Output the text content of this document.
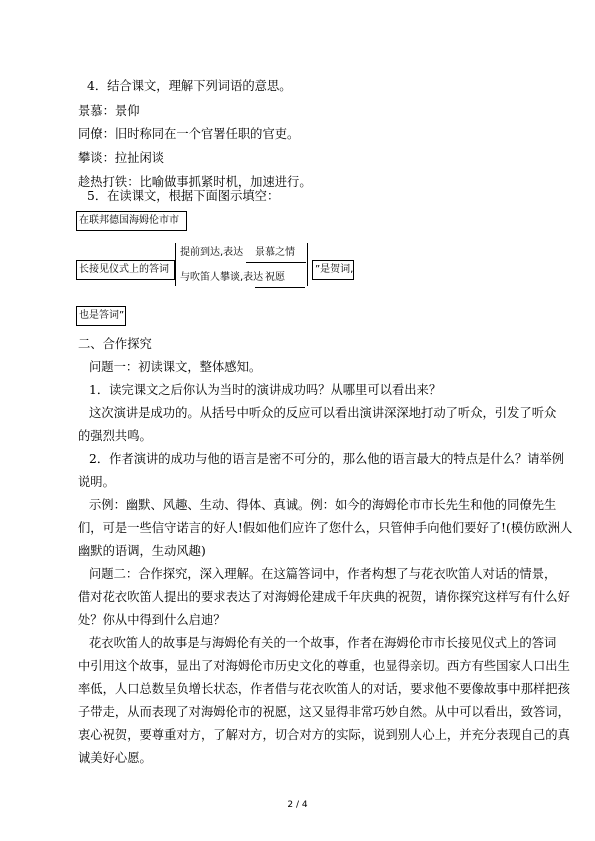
4．结合课文，理解下列词语的意思。
景慕：景仰
同僚：旧时称同在一个官署任职的官吏。
攀谈：拉扯闲谈
趁热打铁：比喻做事抓紧时机，加速进行。
5．在读课文，根据下面图示填空：
在联邦德国海姆伦市市
长接见仪式上的答词
提前到达,表达 景慕之情
与吹笛人攀谈,表达 祝愿
”是贺词,
也是答词”
二、合作探究
问题一：初读课文，整体感知。
1．读完课文之后你认为当时的演讲成功吗？从哪里可以看出来？
这次演讲是成功的。从括号中听众的反应可以看出演讲深深地打动了听众，引发了听众
的强烈共鸣。
2．作者演讲的成功与他的语言是密不可分的，那么他的语言最大的特点是什么？请举例
说明。
示例：幽默、风趣、生动、得体、真诚。例：如今的海姆伦市市长先生和他的同僚先生
们，可是一些信守诺言的好人!假如他们应许了您什么，只管伸手向他们要好了!(模仿欧洲人
幽默的语调，生动风趣)
问题二：合作探究，深入理解。在这篇答词中，作者构想了与花衣吹笛人对话的情景，
借对花衣吹笛人提出的要求表达了对海姆伦建成千年庆典的祝贺，请你探究这样写有什么好
处？你从中得到什么启迪？
花衣吹笛人的故事是与海姆伦有关的一个故事，作者在海姆伦市市长接见仪式上的答词
中引用这个故事，显出了对海姆伦市历史文化的尊重，也显得亲切。西方有些国家人口出生
率低，人口总数呈负增长状态，作者借与花衣吹笛人的对话，要求他不要像故事中那样把孩
子带走，从而表现了对海姆伦市的祝愿，这又显得非常巧妙自然。从中可以看出，致答词，
衷心祝贺，要尊重对方，了解对方，切合对方的实际，说到别人心上，并充分表现自己的真
诚美好心愿。
2 / 4
